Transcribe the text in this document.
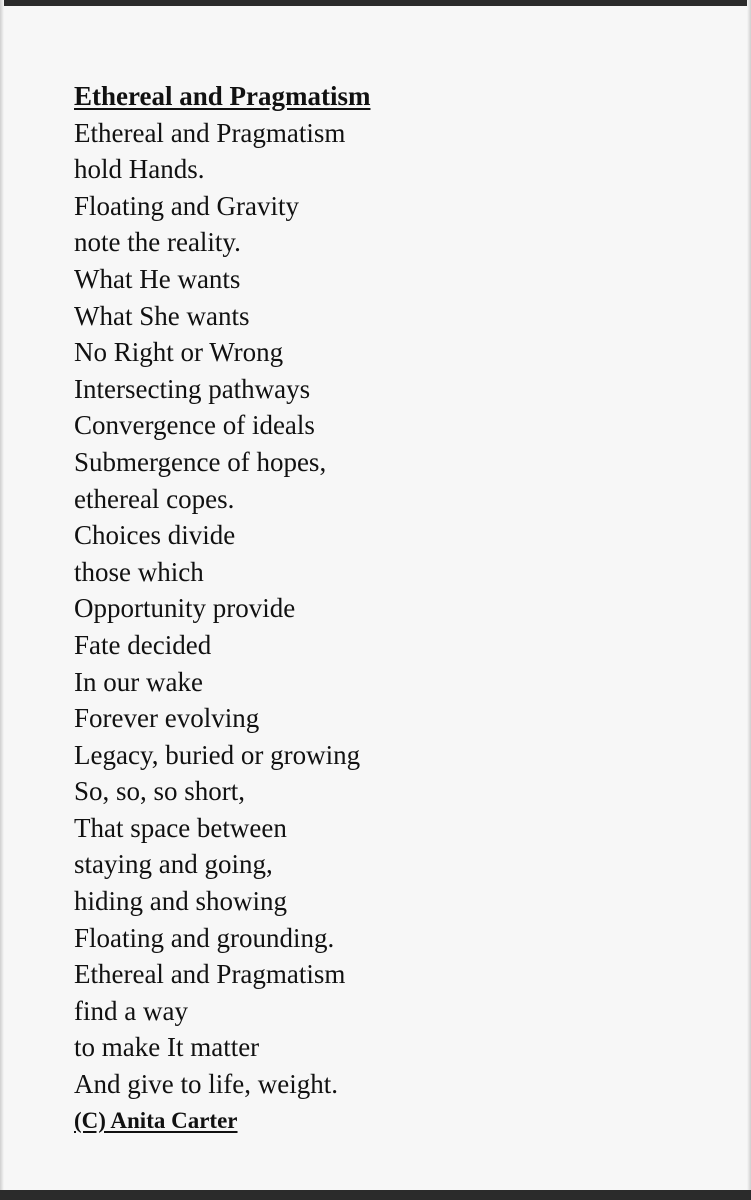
Ethereal and Pragmatism
Ethereal and Pragmatism
hold Hands.
Floating and Gravity
note the reality.
What He wants
What She wants
No Right or Wrong
Intersecting pathways
Convergence of ideals
Submergence of hopes,
ethereal copes.
Choices divide
those which
Opportunity provide
Fate decided
In our wake
Forever evolving
Legacy, buried or growing
So, so, so short,
That space between
staying and going,
hiding and showing
Floating and grounding.
Ethereal and Pragmatism
find a way
to make It matter
And give to life, weight.
(C) Anita Carter
